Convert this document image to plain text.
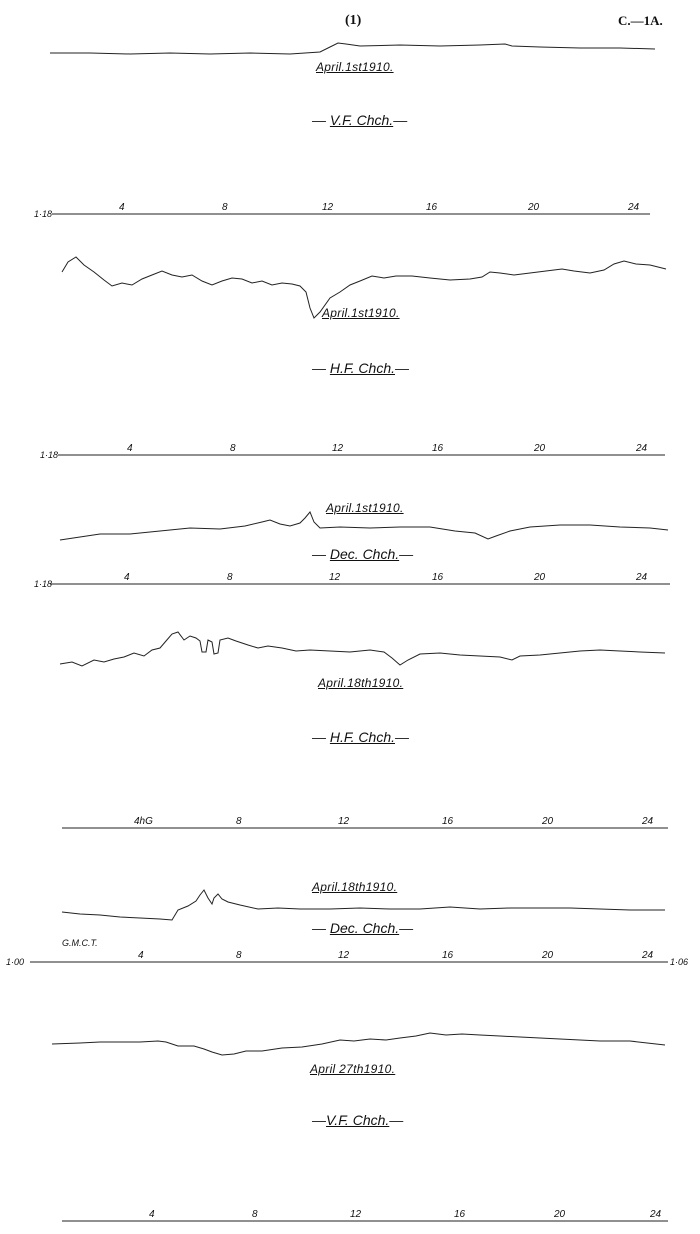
(1)	C.—1A.
April.1st1910.
— V.F. Chch.—
April.1st1910.
— H.F. Chch.—
April.1st1910.
— Dec. Chch.—
April.18th1910.
— H.F. Chch.—
April.18th1910.
— Dec. Chch.—
April 27th1910.
—V.F. Chch.—
1·18
1·18
1·18
1·00	1·06
G.M.C.T.
4	8	12	16	20	24
4	8	12	16	20	24
4	8	12	16	20	24
4hG	8	12	16	20	24
4	8	12	16	20	24
4	8	12	16	20	24
